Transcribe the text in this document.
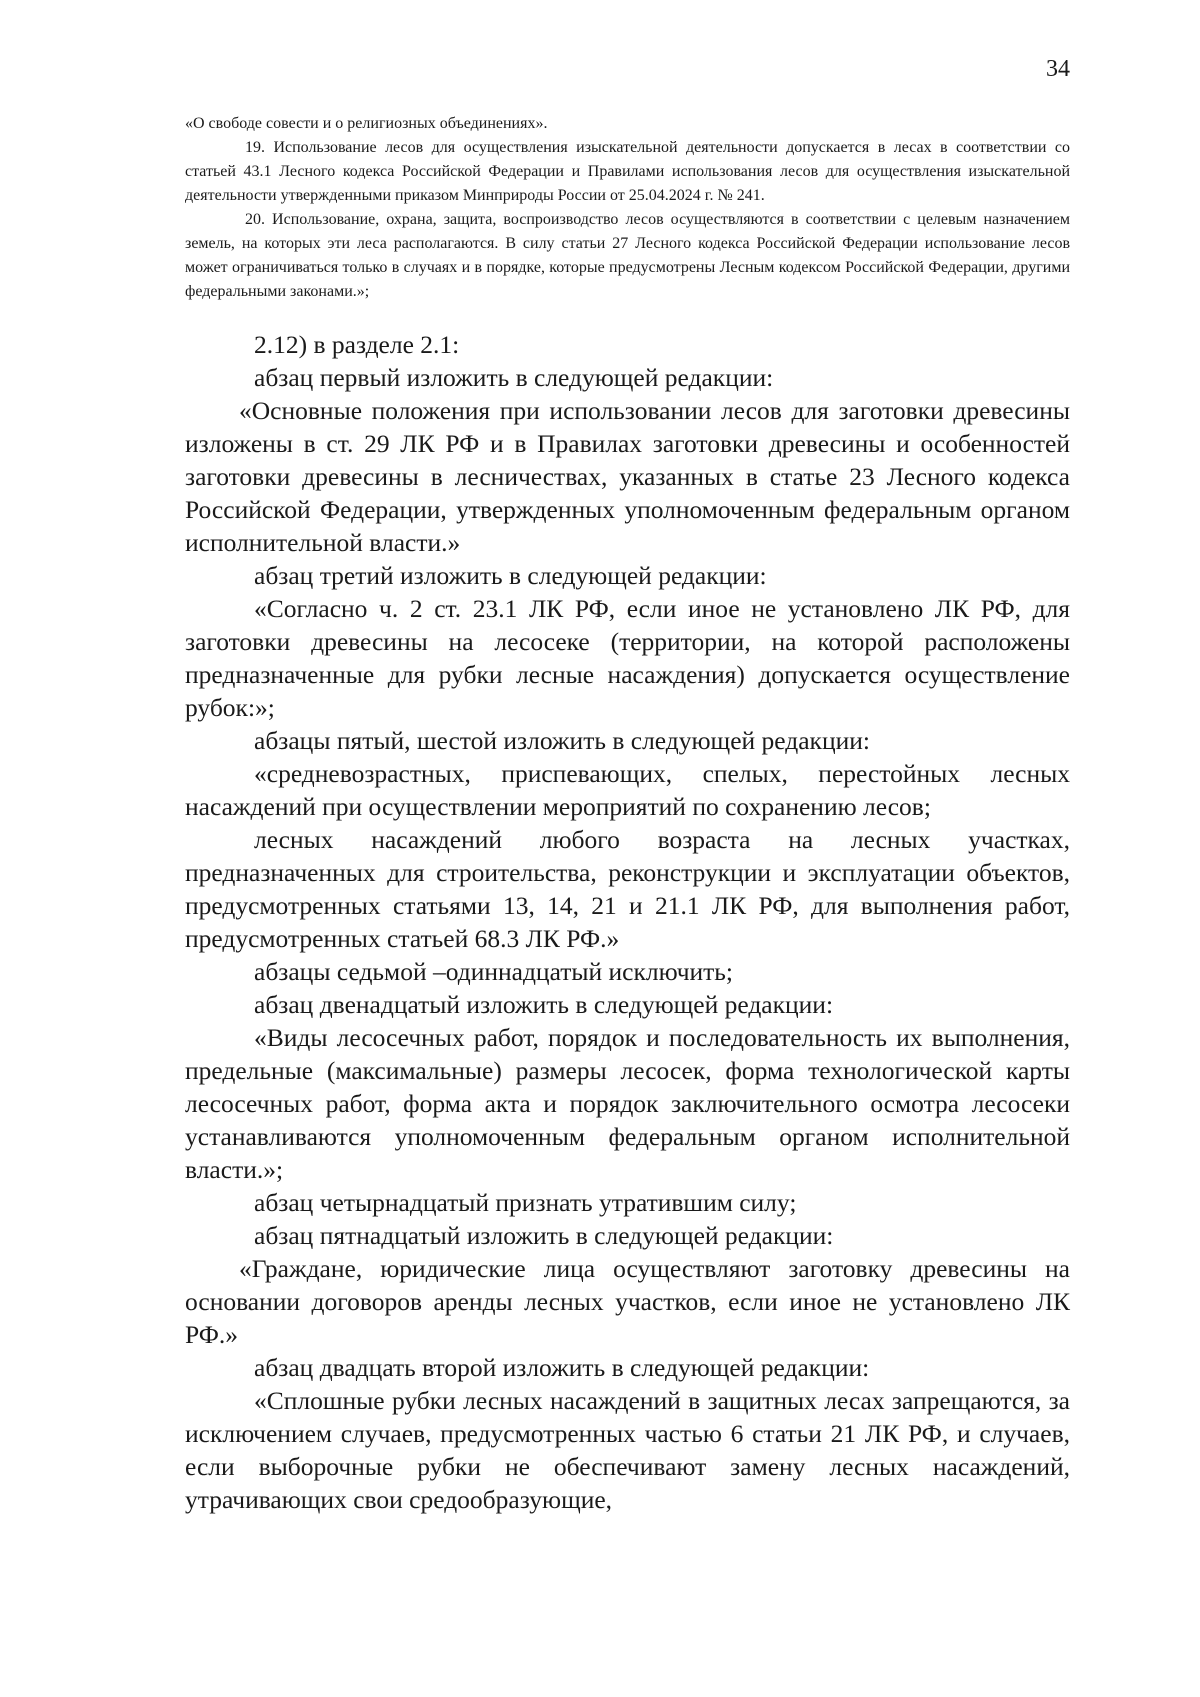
34

«О свободе совести и о религиозных объединениях».

19. Использование лесов для осуществления изыскательной деятельности допускается в лесах в соответствии со статьей 43.1 Лесного кодекса Российской Федерации и Правилами использования лесов для осуществления изыскательной деятельности утвержденными приказом Минприроды России от 25.04.2024 г. № 241.

20. Использование, охрана, защита, воспроизводство лесов осуществляются в соответствии с целевым назначением земель, на которых эти леса располагаются. В силу статьи 27 Лесного кодекса Российской Федерации использование лесов может ограничиваться только в случаях и в порядке, которые предусмотрены Лесным кодексом Российской Федерации, другими федеральными законами.»;

2.12) в разделе 2.1:

абзац первый изложить в следующей редакции:

«Основные положения при использовании лесов для заготовки древесины изложены в ст. 29 ЛК РФ и в Правилах заготовки древесины и особенностей заготовки древесины в лесничествах, указанных в статье 23 Лесного кодекса Российской Федерации, утвержденных уполномоченным федеральным органом исполнительной власти.»

абзац третий изложить в следующей редакции:

«Согласно ч. 2 ст. 23.1 ЛК РФ, если иное не установлено ЛК РФ, для заготовки древесины на лесосеке (территории, на которой расположены предназначенные для рубки лесные насаждения) допускается осуществление рубок:»;

абзацы пятый, шестой изложить в следующей редакции:

«средневозрастных, приспевающих, спелых, перестойных лесных насаждений при осуществлении мероприятий по сохранению лесов;

лесных насаждений любого возраста на лесных участках, предназначенных для строительства, реконструкции и эксплуатации объектов, предусмотренных статьями 13, 14, 21 и 21.1 ЛК РФ, для выполнения работ, предусмотренных статьей 68.3 ЛК РФ.»

абзацы седьмой –одиннадцатый исключить;

абзац двенадцатый изложить в следующей редакции:

«Виды лесосечных работ, порядок и последовательность их выполнения, предельные (максимальные) размеры лесосек, форма технологической карты лесосечных работ, форма акта и порядок заключительного осмотра лесосеки устанавливаются уполномоченным федеральным органом исполнительной власти.»;

абзац четырнадцатый признать утратившим силу;

абзац пятнадцатый изложить в следующей редакции:

«Граждане, юридические лица осуществляют заготовку древесины на основании договоров аренды лесных участков, если иное не установлено ЛК РФ.»

абзац двадцать второй изложить в следующей редакции:

«Сплошные рубки лесных насаждений в защитных лесах запрещаются, за исключением случаев, предусмотренных частью 6 статьи 21 ЛК РФ, и случаев, если выборочные рубки не обеспечивают замену лесных насаждений, утрачивающих свои средообразующие,
